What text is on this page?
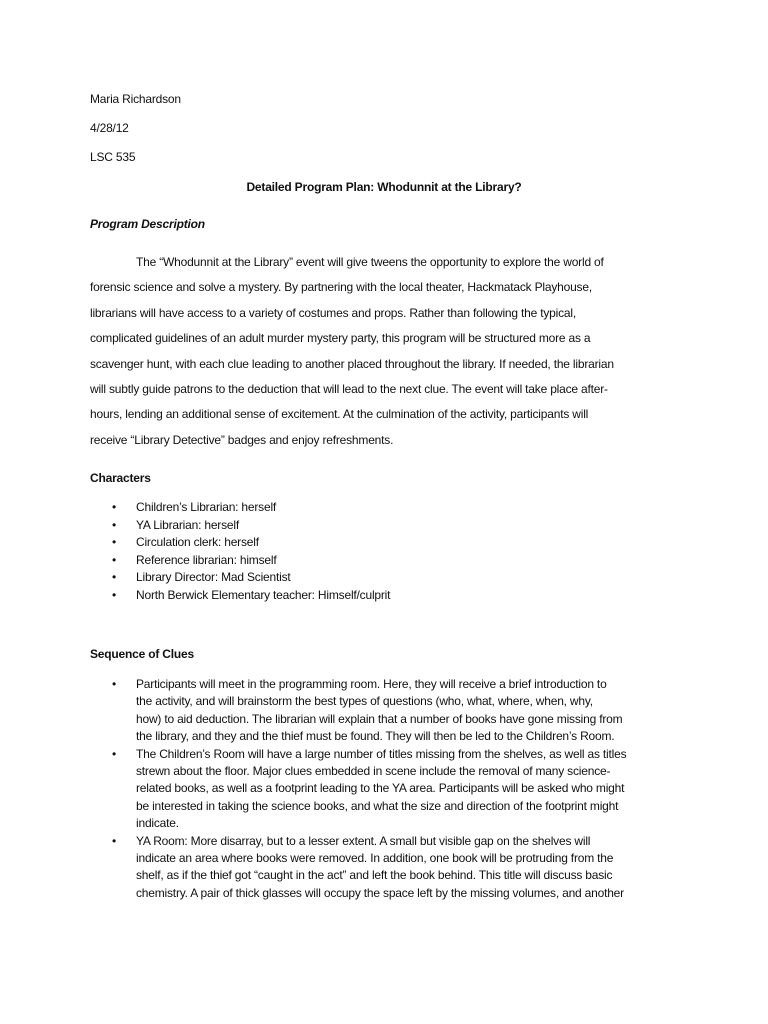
Maria Richardson
4/28/12
LSC 535
Detailed Program Plan: Whodunnit at the Library?
Program Description
The “Whodunnit at the Library” event will give tweens the opportunity to explore the world of
forensic science and solve a mystery. By partnering with the local theater, Hackmatack Playhouse,
librarians will have access to a variety of costumes and props. Rather than following the typical,
complicated guidelines of an adult murder mystery party, this program will be structured more as a
scavenger hunt, with each clue leading to another placed throughout the library. If needed, the librarian
will subtly guide patrons to the deduction that will lead to the next clue. The event will take place after-
hours, lending an additional sense of excitement. At the culmination of the activity, participants will
receive “Library Detective” badges and enjoy refreshments.
Characters
• Children’s Librarian: herself
• YA Librarian: herself
• Circulation clerk: herself
• Reference librarian: himself
• Library Director: Mad Scientist
• North Berwick Elementary teacher: Himself/culprit
Sequence of Clues
• Participants will meet in the programming room. Here, they will receive a brief introduction to
the activity, and will brainstorm the best types of questions (who, what, where, when, why,
how) to aid deduction. The librarian will explain that a number of books have gone missing from
the library, and they and the thief must be found. They will then be led to the Children’s Room.
• The Children’s Room will have a large number of titles missing from the shelves, as well as titles
strewn about the floor. Major clues embedded in scene include the removal of many science-
related books, as well as a footprint leading to the YA area. Participants will be asked who might
be interested in taking the science books, and what the size and direction of the footprint might
indicate.
• YA Room: More disarray, but to a lesser extent. A small but visible gap on the shelves will
indicate an area where books were removed. In addition, one book will be protruding from the
shelf, as if the thief got “caught in the act” and left the book behind. This title will discuss basic
chemistry. A pair of thick glasses will occupy the space left by the missing volumes, and another
